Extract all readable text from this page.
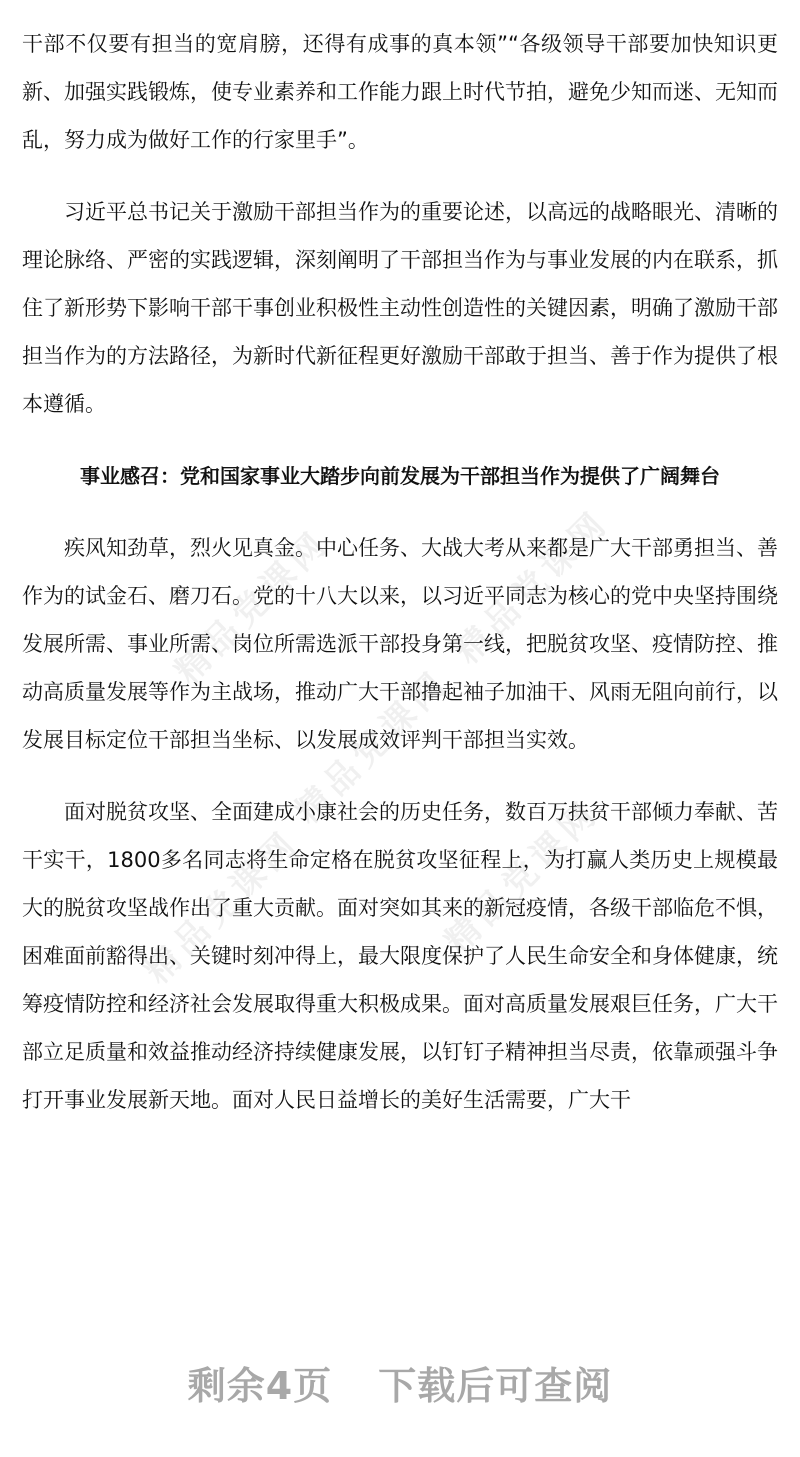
精品党课网	精品党课网
精品党课网
精品党课网	精品党课网

干部不仅要有担当的宽肩膀，还得有成事的真本领”“各级领导干部要加快知识更新、加强实践锻炼，使专业素养和工作能力跟上时代节拍，避免少知而迷、无知而乱，努力成为做好工作的行家里手”。

习近平总书记关于激励干部担当作为的重要论述，以高远的战略眼光、清晰的理论脉络、严密的实践逻辑，深刻阐明了干部担当作为与事业发展的内在联系，抓住了新形势下影响干部干事创业积极性主动性创造性的关键因素，明确了激励干部担当作为的方法路径，为新时代新征程更好激励干部敢于担当、善于作为提供了根本遵循。

事业感召：党和国家事业大踏步向前发展为干部担当作为提供了广阔舞台

疾风知劲草，烈火见真金。中心任务、大战大考从来都是广大干部勇担当、善作为的试金石、磨刀石。党的十八大以来，以习近平同志为核心的党中央坚持围绕发展所需、事业所需、岗位所需选派干部投身第一线，把脱贫攻坚、疫情防控、推动高质量发展等作为主战场，推动广大干部撸起袖子加油干、风雨无阻向前行，以发展目标定位干部担当坐标、以发展成效评判干部担当实效。

面对脱贫攻坚、全面建成小康社会的历史任务，数百万扶贫干部倾力奉献、苦干实干，1800多名同志将生命定格在脱贫攻坚征程上，为打赢人类历史上规模最大的脱贫攻坚战作出了重大贡献。面对突如其来的新冠疫情，各级干部临危不惧，困难面前豁得出、关键时刻冲得上，最大限度保护了人民生命安全和身体健康，统筹疫情防控和经济社会发展取得重大积极成果。面对高质量发展艰巨任务，广大干部立足质量和效益推动经济持续健康发展，以钉钉子精神担当尽责，依靠顽强斗争打开事业发展新天地。面对人民日益增长的美好生活需要，广大干

剩余4页 下载后可查阅
